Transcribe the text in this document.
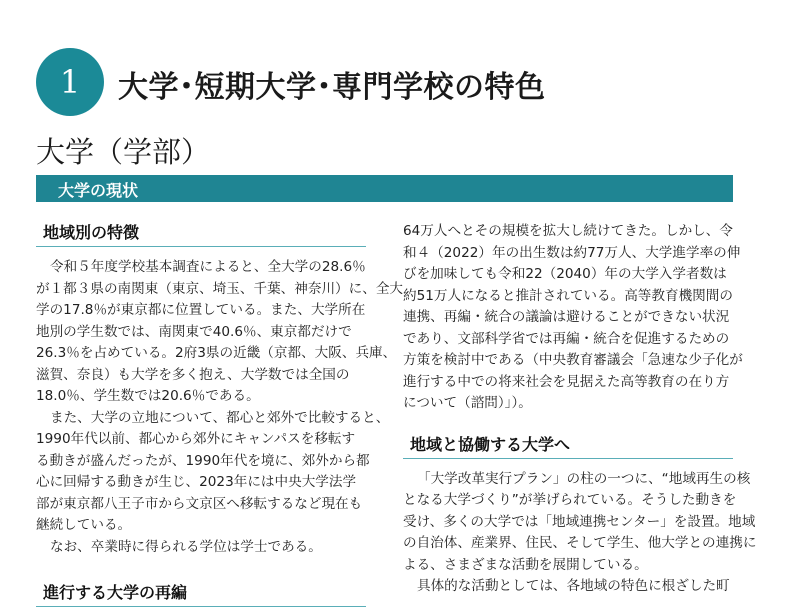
1 大学･短期大学･専門学校の特色
大学（学部）
大学の現状
地域別の特徴
令和５年度学校基本調査によると、全大学の28.6％
が１都３県の南関東（東京、埼玉、千葉、神奈川）に、全大
学の17.8％が東京都に位置している。また、大学所在
地別の学生数では、南関東で40.6％、東京都だけで
26.3％を占めている。2府3県の近畿（京都、大阪、兵庫、
滋賀、奈良）も大学を多く抱え、大学数では全国の
18.0％、学生数では20.6％である。
また、大学の立地について、都心と郊外で比較すると、
1990年代以前、都心から郊外にキャンパスを移転す
る動きが盛んだったが、1990年代を境に、郊外から都
心に回帰する動きが生じ、2023年には中央大学法学
部が東京都八王子市から文京区へ移転するなど現在も
継続している。
なお、卒業時に得られる学位は学士である。
進行する大学の再編
64万人へとその規模を拡大し続けてきた。しかし、令
和４（2022）年の出生数は約77万人、大学進学率の伸
びを加味しても令和22（2040）年の大学入学者数は
約51万人になると推計されている。高等教育機関間の
連携、再編・統合の議論は避けることができない状況
であり、文部科学省では再編・統合を促進するための
方策を検討中である（中央教育審議会「急速な少子化が
進行する中での将来社会を見据えた高等教育の在り方
について（諮問）」）。
地域と協働する大学へ
「大学改革実行プラン」の柱の一つに、“地域再生の核
となる大学づくり”が挙げられている。そうした動きを
受け、多くの大学では「地域連携センター」を設置。地域
の自治体、産業界、住民、そして学生、他大学との連携に
よる、さまざまな活動を展開している。
具体的な活動としては、各地域の特色に根ざした町
